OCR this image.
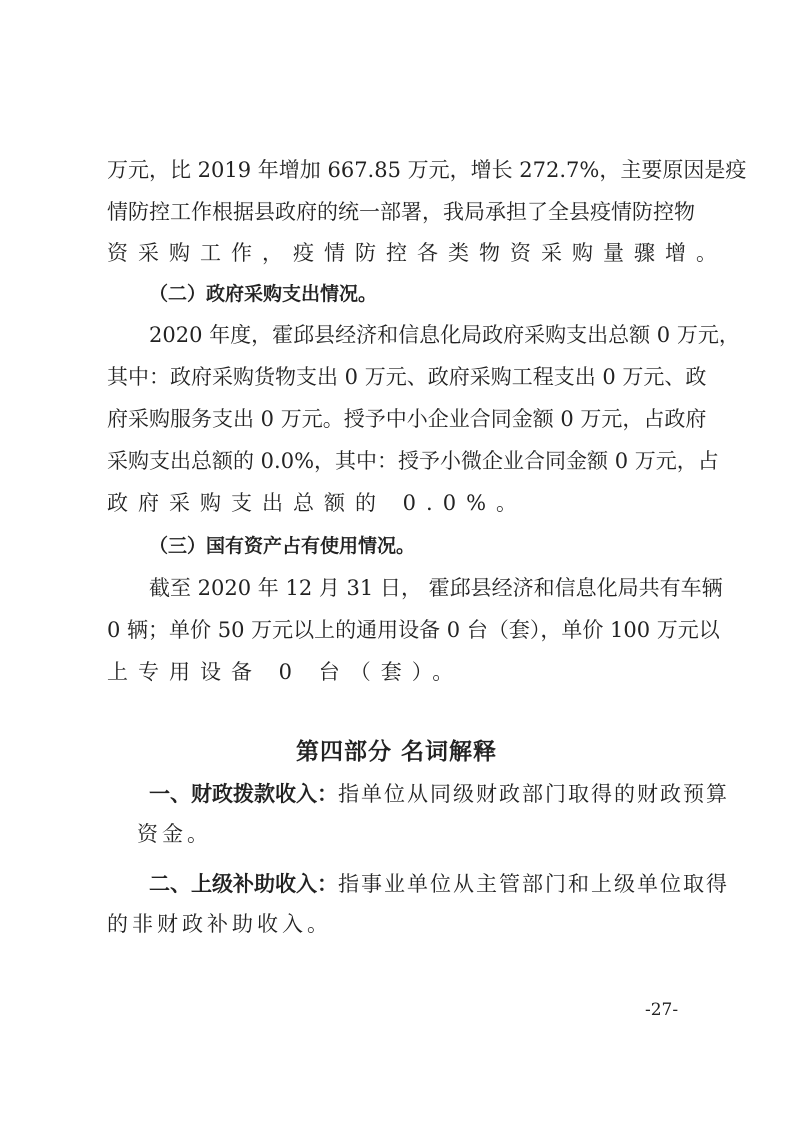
万元，比 2019 年增加 667.85 万元，增长 272.7%，主要原因是疫
情防控工作根据县政府的统一部署，我局承担了全县疫情防控物
资采购工作，疫情防控各类物资采购量骤增。
（二）政府采购支出情况。
2020 年度，霍邱县经济和信息化局政府采购支出总额 0 万元，
其中：政府采购货物支出 0 万元、政府采购工程支出 0 万元、政
府采购服务支出 0 万元。授予中小企业合同金额 0 万元，占政府
采购支出总额的 0.0%，其中：授予小微企业合同金额 0 万元，占
政府采购支出总额的 0.0%。
（三）国有资产占有使用情况。
截至 2020 年 12 月 31 日， 霍邱县经济和信息化局共有车辆
0 辆；单价 50 万元以上的通用设备 0 台（套），单价 100 万元以
上专用设备 0 台（套）。
第四部分 名词解释
一、财政拨款收入： 指单位从同级财政部门取得的财政预算
资金。
二、上级补助收入： 指事业单位从主管部门和上级单位取得
的非财政补助收入。
-27-
